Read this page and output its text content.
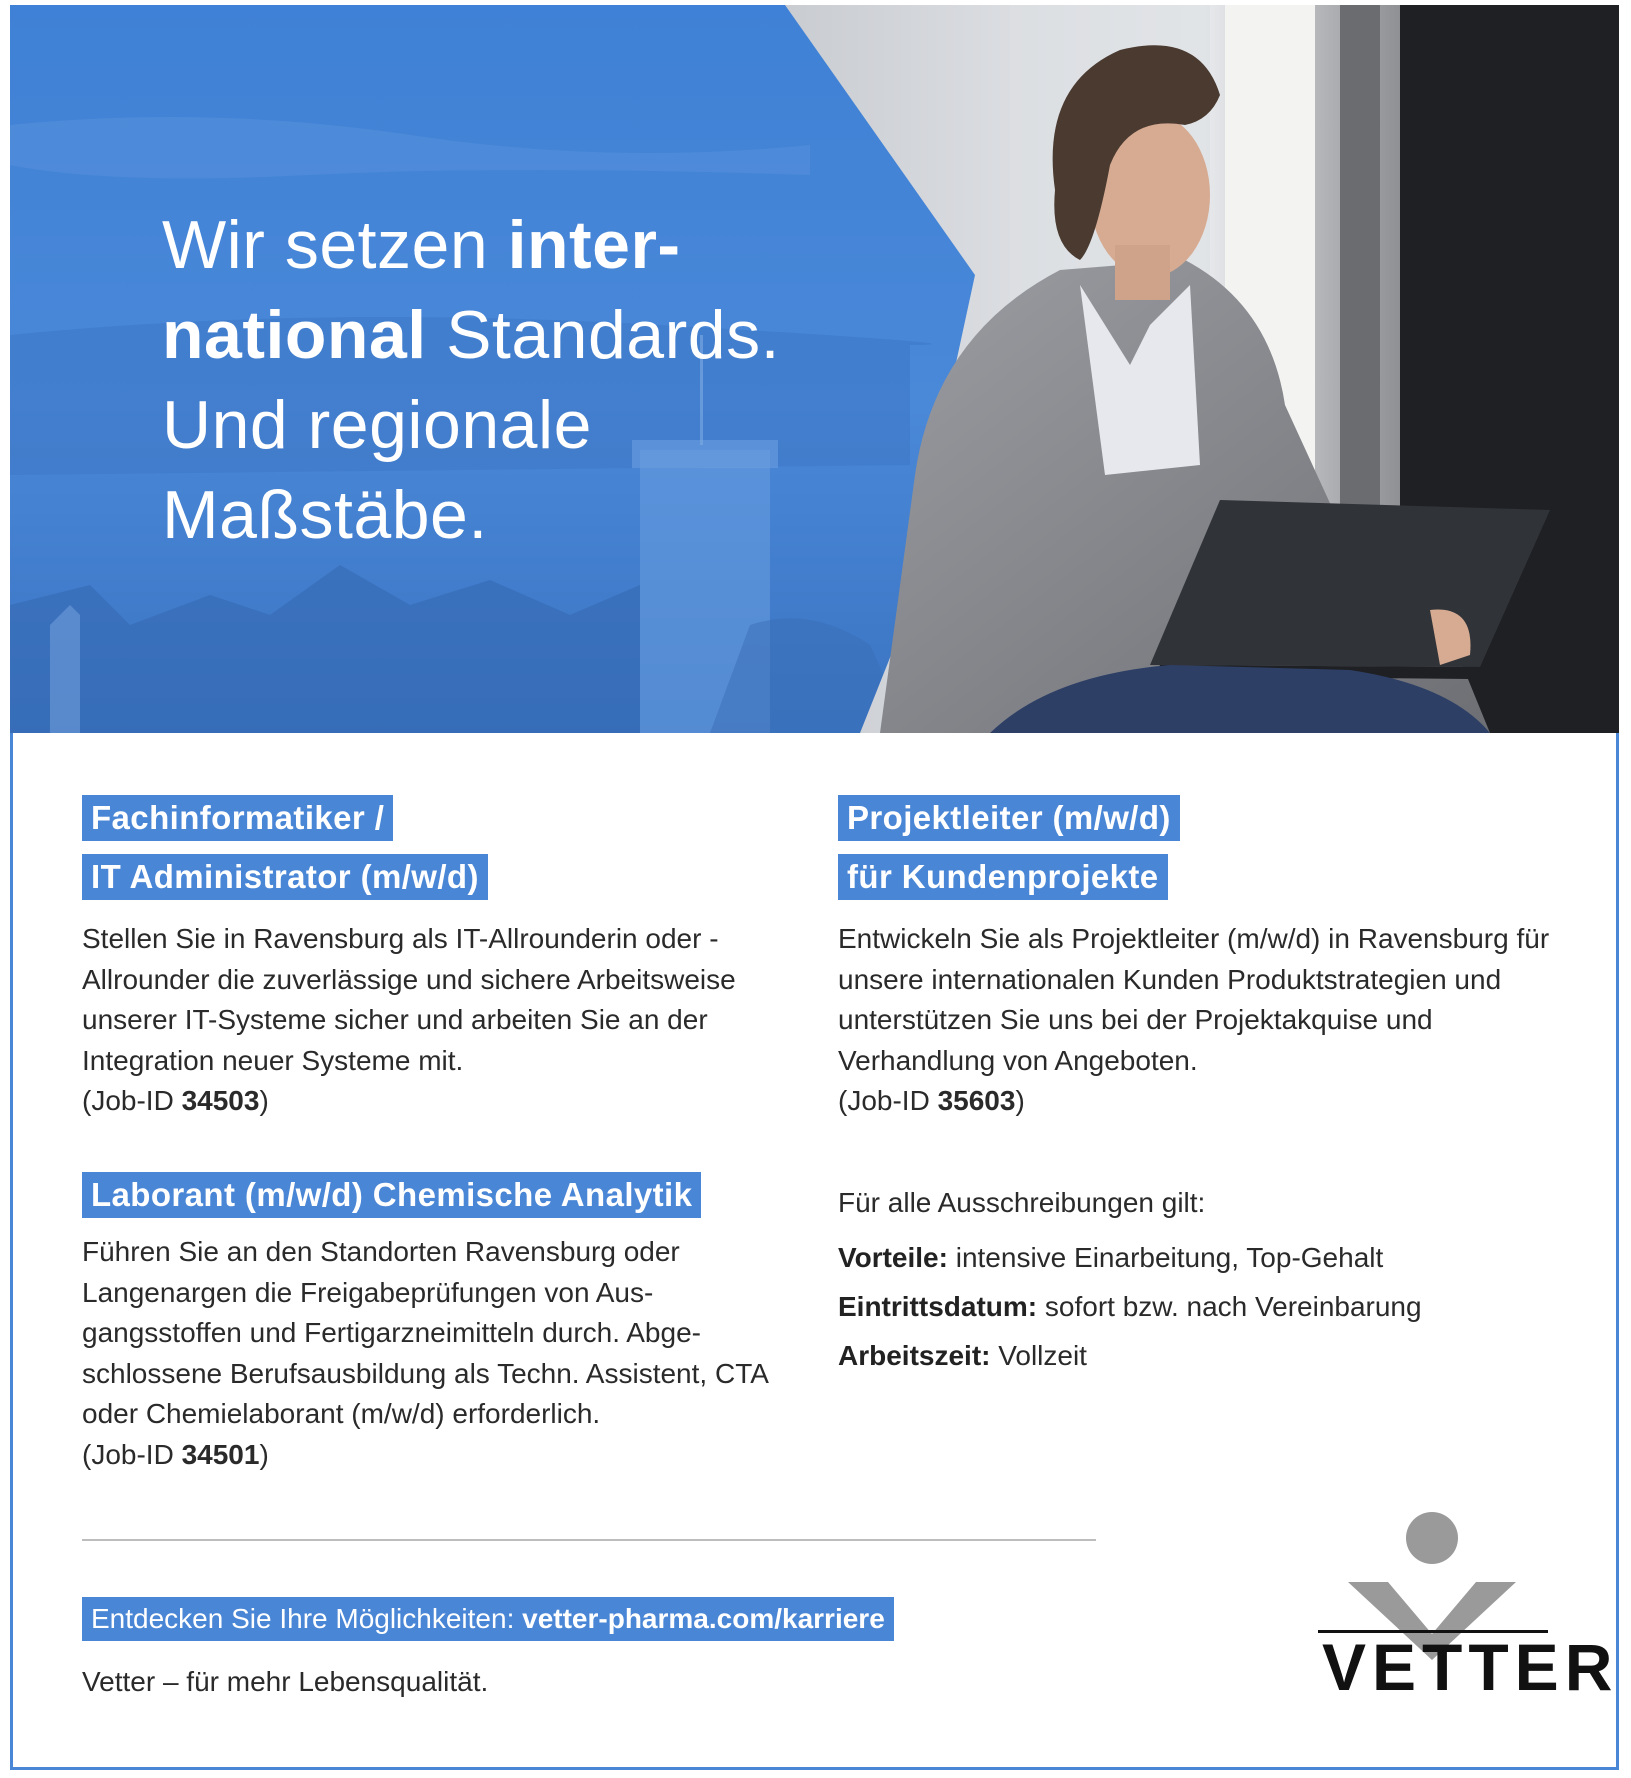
Wir setzen inter-
national Standards.
Und regionale
Maßstäbe.
Fachinformatiker /
IT Administrator (m/w/d)
Stellen Sie in Ravensburg als IT-Allrounderin oder -Allrounder die zuverlässige und sichere Arbeitsweise unserer IT-Systeme sicher und arbeiten Sie an der Integration neuer Systeme mit.
(Job-ID 34503)
Projektleiter (m/w/d)
für Kundenprojekte
Entwickeln Sie als Projektleiter (m/w/d) in Ravensburg für unsere internationalen Kunden Produktstrategien und unterstützen Sie uns bei der Projektakquise und Verhandlung von Angeboten.
(Job-ID 35603)
Laborant (m/w/d) Chemische Analytik
Führen Sie an den Standorten Ravensburg oder Langenargen die Freigabeprüfungen von Ausgangsstoffen und Fertigarzneimitteln durch. Abgeschlossene Berufsausbildung als Techn. Assistent, CTA oder Chemielaborant (m/w/d) erforderlich.
(Job-ID 34501)
Für alle Ausschreibungen gilt:
Vorteile: intensive Einarbeitung, Top-Gehalt
Eintrittsdatum: sofort bzw. nach Vereinbarung
Arbeitszeit: Vollzeit
Entdecken Sie Ihre Möglichkeiten: vetter-pharma.com/karriere
Vetter – für mehr Lebensqualität.	VETTER
